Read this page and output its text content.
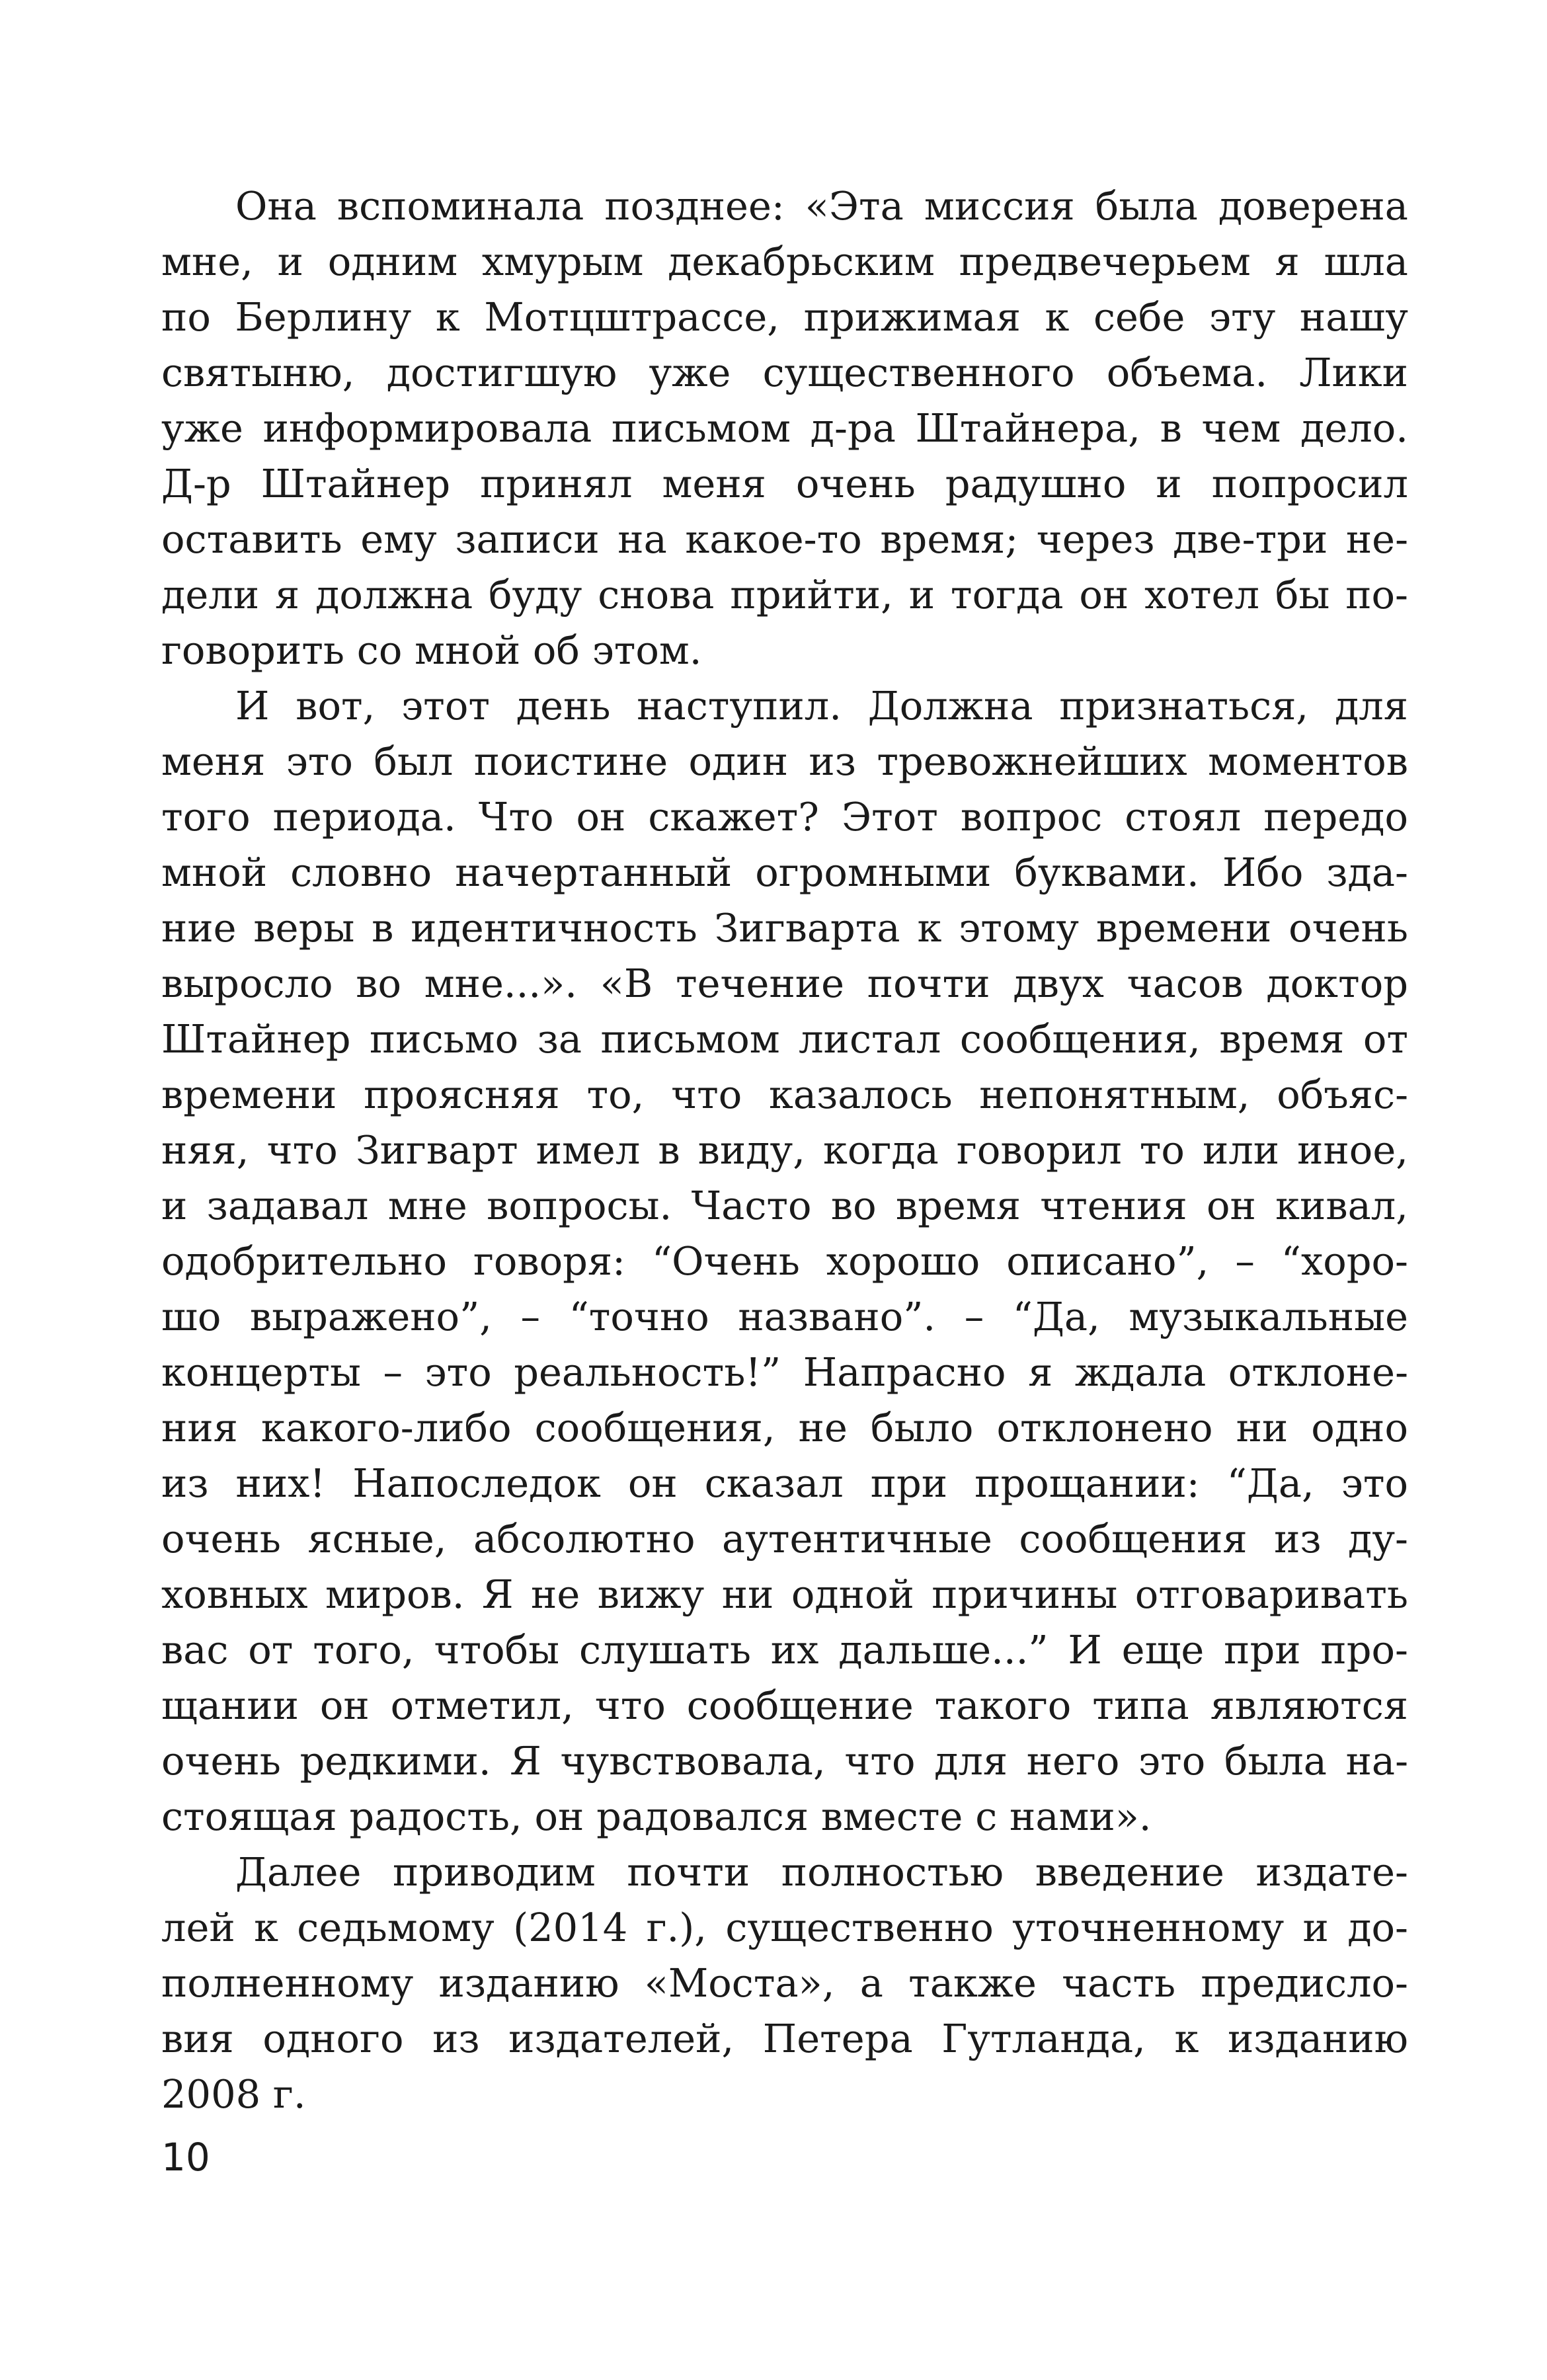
Она вспоминала позднее: «Эта миссия была доверена
мне, и одним хмурым декабрьским предвечерьем я шла
по Берлину к Мотцштрассе, прижимая к себе эту нашу
святыню, достигшую уже существенного объема. Лики
уже информировала письмом д-ра Штайнера, в чем дело.
Д-р Штайнер принял меня очень радушно и попросил
оставить ему записи на какое-то время; через две-три не-
дели я должна буду снова прийти, и тогда он хотел бы по-
говорить со мной об этом.
И вот, этот день наступил. Должна признаться, для
меня это был поистине один из тревожнейших моментов
того периода. Что он скажет? Этот вопрос стоял передо
мной словно начертанный огромными буквами. Ибо зда-
ние веры в идентичность Зигварта к этому времени очень
выросло во мне...». «В течение почти двух часов доктор
Штайнер письмо за письмом листал сообщения, время от
времени проясняя то, что казалось непонятным, объяс-
няя, что Зигварт имел в виду, когда говорил то или иное,
и задавал мне вопросы. Часто во время чтения он кивал,
одобрительно говоря: “Очень хорошо описано”, – “хоро-
шо выражено”, – “точно названо”. – “Да, музыкальные
концерты – это реальность!” Напрасно я ждала отклоне-
ния какого-либо сообщения, не было отклонено ни одно
из них! Напоследок он сказал при прощании: “Да, это
очень ясные, абсолютно аутентичные сообщения из ду-
ховных миров. Я не вижу ни одной причины отговаривать
вас от того, чтобы слушать их дальше...” И еще при про-
щании он отметил, что сообщение такого типа являются
очень редкими. Я чувствовала, что для него это была на-
стоящая радость, он радовался вместе с нами».
Далее приводим почти полностью введение издате-
лей к седьмому (2014 г.), существенно уточненному и до-
полненному изданию «Моста», а также часть предисло-
вия одного из издателей, Петера Гутланда, к изданию
2008 г.
10
